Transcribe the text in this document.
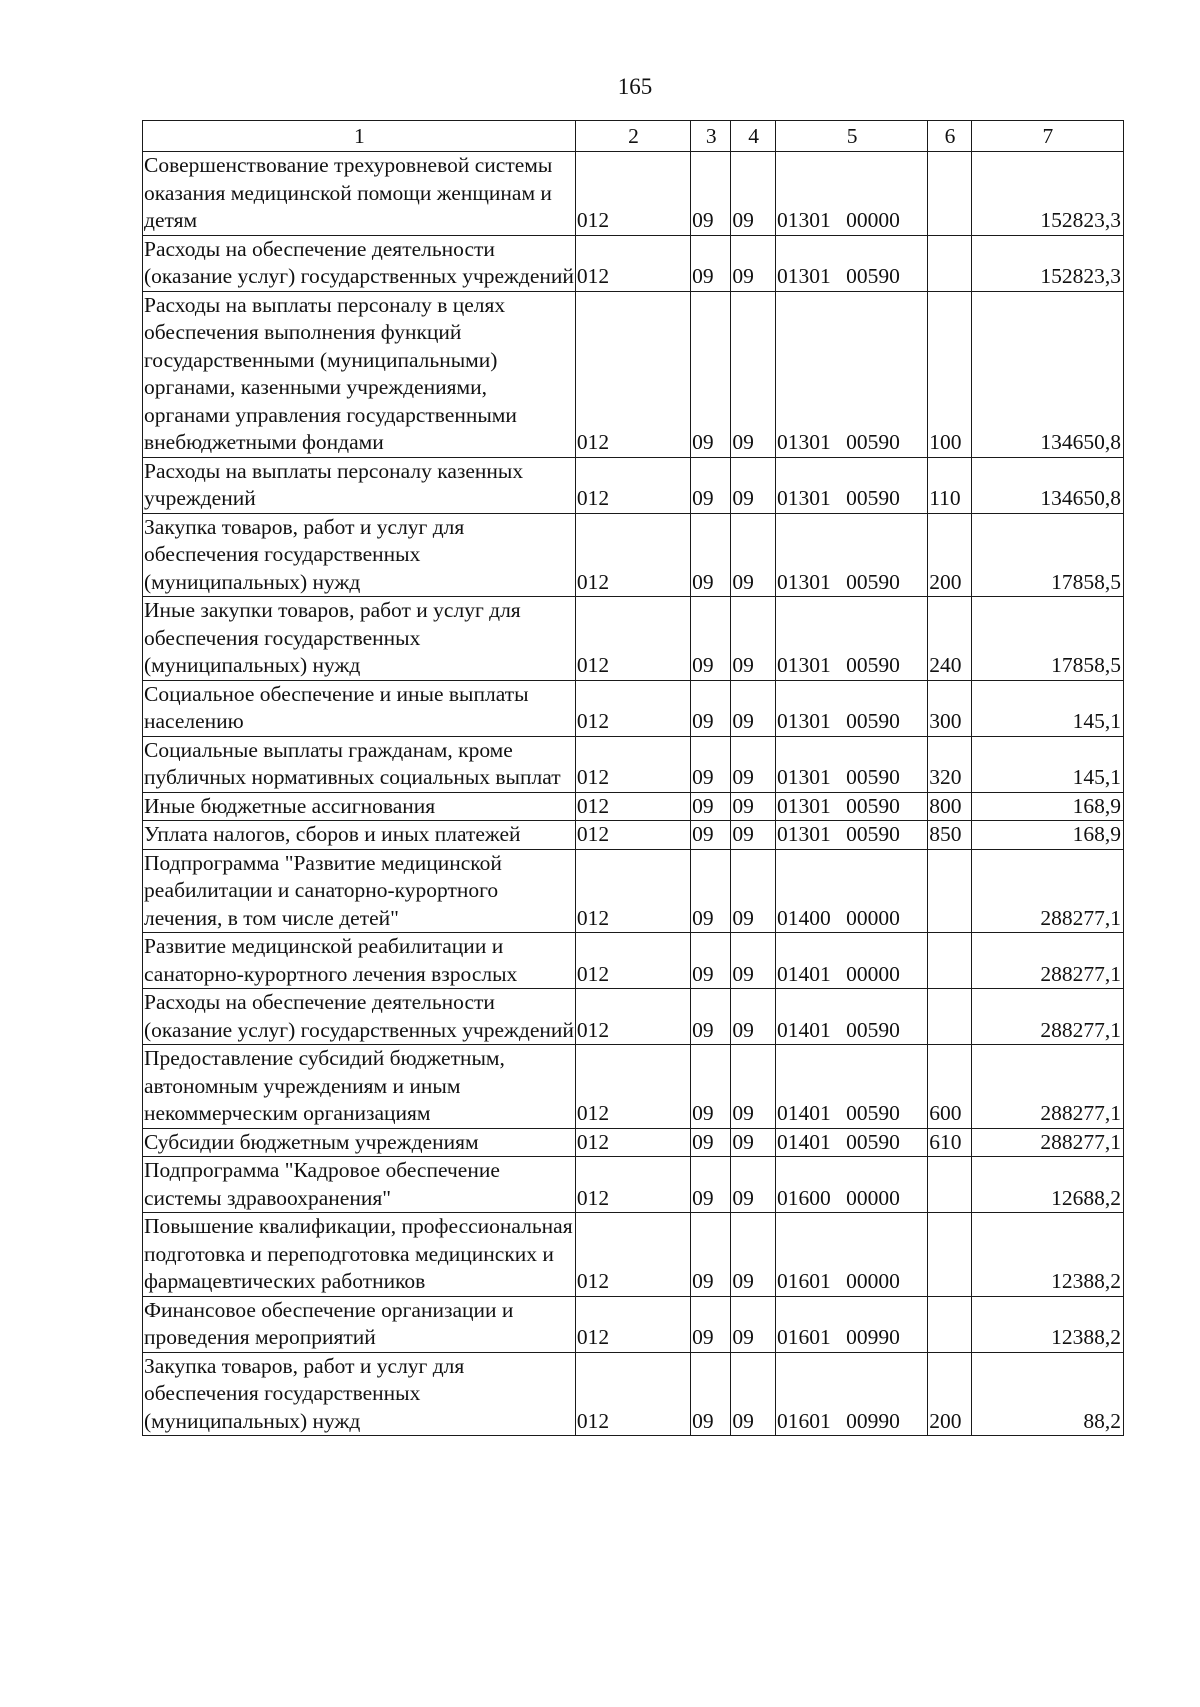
165
1	2	3	4	5	6	7
Совершенствование трехуровневой системы оказания медицинской помощи женщинам и детям	012	09	09	01301 00000		152823,3
Расходы на обеспечение деятельности (оказание услуг) государственных учреждений	012	09	09	01301 00590		152823,3
Расходы на выплаты персоналу в целях обеспечения выполнения функций государственными (муниципальными) органами, казенными учреждениями, органами управления государственными внебюджетными фондами	012	09	09	01301 00590	100	134650,8
Расходы на выплаты персоналу казенных учреждений	012	09	09	01301 00590	110	134650,8
Закупка товаров, работ и услуг для обеспечения государственных (муниципальных) нужд	012	09	09	01301 00590	200	17858,5
Иные закупки товаров, работ и услуг для обеспечения государственных (муниципальных) нужд	012	09	09	01301 00590	240	17858,5
Социальное обеспечение и иные выплаты населению	012	09	09	01301 00590	300	145,1
Социальные выплаты гражданам, кроме публичных нормативных социальных выплат	012	09	09	01301 00590	320	145,1
Иные бюджетные ассигнования	012	09	09	01301 00590	800	168,9
Уплата налогов, сборов и иных платежей	012	09	09	01301 00590	850	168,9
Подпрограмма "Развитие медицинской реабилитации и санаторно-курортного лечения, в том числе детей"	012	09	09	01400 00000		288277,1
Развитие медицинской реабилитации и санаторно-курортного лечения взрослых	012	09	09	01401 00000		288277,1
Расходы на обеспечение деятельности (оказание услуг) государственных учреждений	012	09	09	01401 00590		288277,1
Предоставление субсидий бюджетным, автономным учреждениям и иным некоммерческим организациям	012	09	09	01401 00590	600	288277,1
Субсидии бюджетным учреждениям	012	09	09	01401 00590	610	288277,1
Подпрограмма "Кадровое обеспечение системы здравоохранения"	012	09	09	01600 00000		12688,2
Повышение квалификации, профессиональная подготовка и переподготовка медицинских и фармацевтических работников	012	09	09	01601 00000		12388,2
Финансовое обеспечение организации и проведения мероприятий	012	09	09	01601 00990		12388,2
Закупка товаров, работ и услуг для обеспечения государственных (муниципальных) нужд	012	09	09	01601 00990	200	88,2
